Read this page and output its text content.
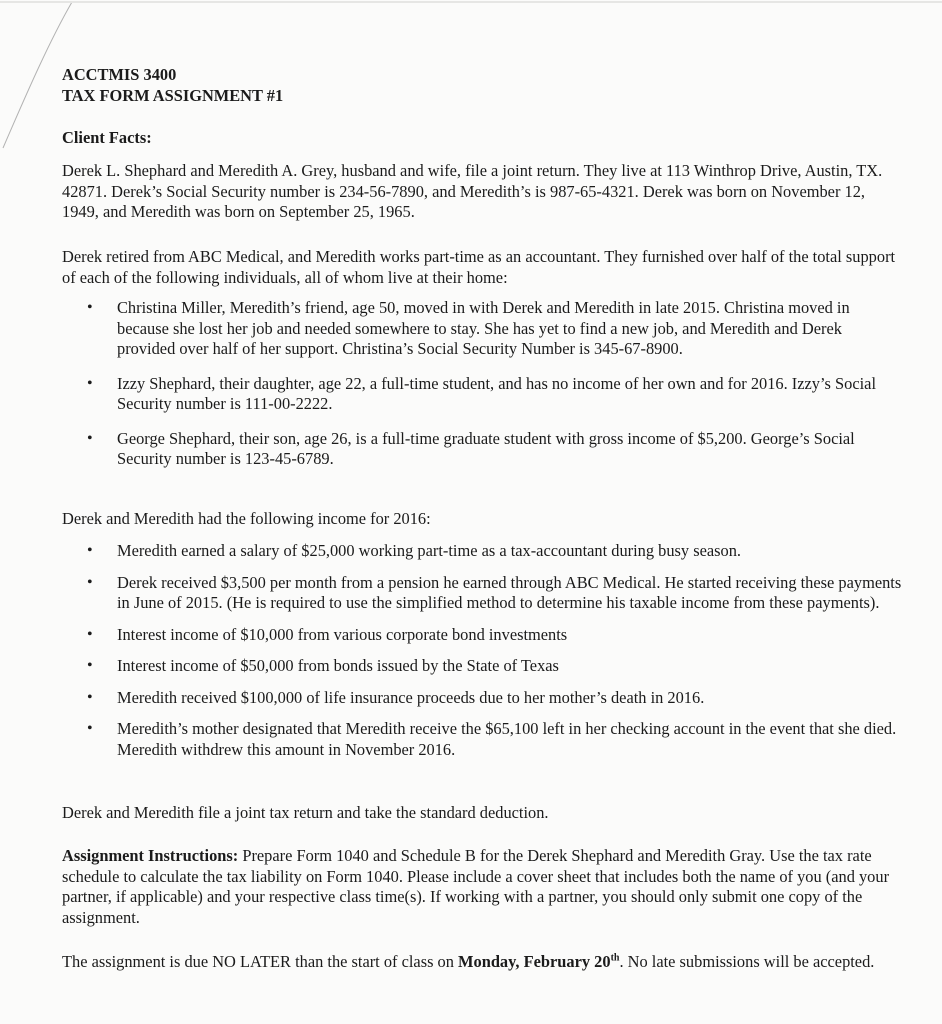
ACCTMIS 3400
TAX FORM ASSIGNMENT #1

Client Facts:

Derek L. Shephard and Meredith A. Grey, husband and wife, file a joint return. They live at 113 Winthrop Drive, Austin, TX. 42871. Derek’s Social Security number is 234-56-7890, and Meredith’s is 987-65-4321. Derek was born on November 12, 1949, and Meredith was born on September 25, 1965.

Derek retired from ABC Medical, and Meredith works part-time as an accountant. They furnished over half of the total support of each of the following individuals, all of whom live at their home:

• Christina Miller, Meredith’s friend, age 50, moved in with Derek and Meredith in late 2015. Christina moved in because she lost her job and needed somewhere to stay. She has yet to find a new job, and Meredith and Derek provided over half of her support. Christina’s Social Security Number is 345-67-8900.
• Izzy Shephard, their daughter, age 22, a full-time student, and has no income of her own and for 2016. Izzy’s Social Security number is 111-00-2222.
• George Shephard, their son, age 26, is a full-time graduate student with gross income of $5,200. George’s Social Security number is 123-45-6789.

Derek and Meredith had the following income for 2016:

• Meredith earned a salary of $25,000 working part-time as a tax-accountant during busy season.
• Derek received $3,500 per month from a pension he earned through ABC Medical. He started receiving these payments in June of 2015. (He is required to use the simplified method to determine his taxable income from these payments).
• Interest income of $10,000 from various corporate bond investments
• Interest income of $50,000 from bonds issued by the State of Texas
• Meredith received $100,000 of life insurance proceeds due to her mother’s death in 2016.
• Meredith’s mother designated that Meredith receive the $65,100 left in her checking account in the event that she died. Meredith withdrew this amount in November 2016.

Derek and Meredith file a joint tax return and take the standard deduction.

Assignment Instructions: Prepare Form 1040 and Schedule B for the Derek Shephard and Meredith Gray. Use the tax rate schedule to calculate the tax liability on Form 1040. Please include a cover sheet that includes both the name of you (and your partner, if applicable) and your respective class time(s). If working with a partner, you should only submit one copy of the assignment.

The assignment is due NO LATER than the start of class on Monday, February 20th. No late submissions will be accepted.
